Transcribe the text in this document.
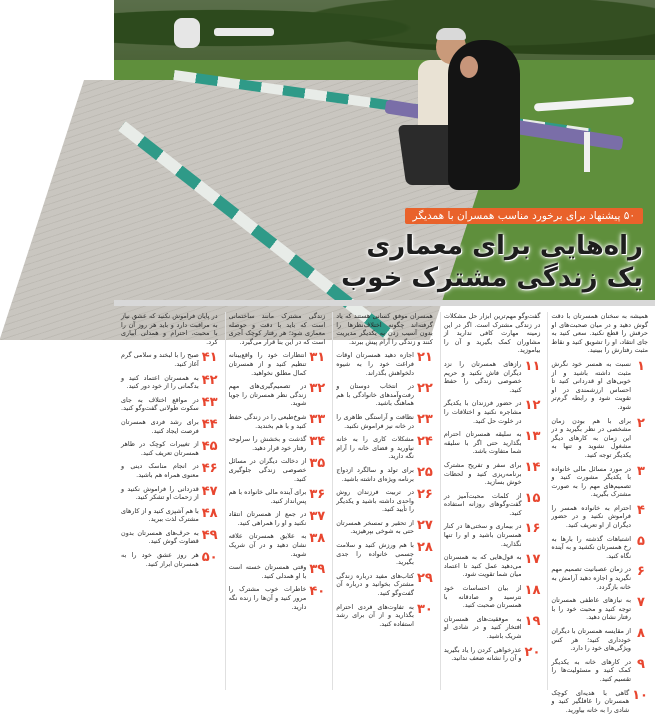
۵۰ پیشنهاد برای برخورد مناسب همسران با همدیگر
راه‌هایی برای معماری
یک زندگی مشترک خوب
همیشه به سخنان همسرتان با دقت گوش دهید و در میان صحبت‌های او حرفش را قطع نکنید. سعی کنید به جای انتقاد، او را تشویق کنید و نقاط مثبت رفتارش را ببینید.
۱
نسبت به همسر خود نگرش مثبت داشته باشید و از خوبی‌های او قدردانی کنید تا احساس ارزشمندی در او تقویت شود و رابطه گرم‌تر شود.
۲
برای با هم بودن زمان مشخصی در نظر بگیرید و در این زمان به کارهای دیگر مشغول نشوید و تنها به یکدیگر توجه کنید.
۳
در مورد مسائل مالی خانواده با یکدیگر مشورت کنید و تصمیم‌های مهم را به صورت مشترک بگیرید.
۴
احترام به خانواده همسر را فراموش نکنید و در حضور دیگران از او تعریف کنید.
۵
اشتباهات گذشته را بارها به رخ همسرتان نکشید و به آینده نگاه کنید.
۶
در زمان عصبانیت تصمیم مهم نگیرید و اجازه دهید آرامش به خانه بازگردد.
۷
به نیازهای عاطفی همسرتان توجه کنید و محبت خود را با رفتار نشان دهید.
۸
از مقایسه همسرتان با دیگران خودداری کنید؛ هر کس ویژگی‌های خود را دارد.
۹
در کارهای خانه به یکدیگر کمک کنید و مسئولیت‌ها را تقسیم کنید.
۱۰
گاهی با هدیه‌ای کوچک همسرتان را غافلگیر کنید و شادی را به خانه بیاورید.
گفت‌وگو مهم‌ترین ابزار حل مشکلات در زندگی مشترک است. اگر در این زمینه مهارت کافی ندارید از مشاوران کمک بگیرید و آن را بیاموزید.
۱۱
رازهای همسرتان را نزد دیگران فاش نکنید و حریم خصوصی زندگی را حفظ کنید.
۱۲
در حضور فرزندان با یکدیگر مشاجره نکنید و اختلافات را در خلوت حل کنید.
۱۳
به سلیقه همسرتان احترام بگذارید حتی اگر با سلیقه شما متفاوت باشد.
۱۴
برای سفر و تفریح مشترک برنامه‌ریزی کنید و لحظات خوش بسازید.
۱۵
از کلمات محبت‌آمیز در گفت‌وگوهای روزانه استفاده کنید.
۱۶
در بیماری و سختی‌ها در کنار همسرتان باشید و او را تنها نگذارید.
۱۷
به قول‌هایی که به همسرتان می‌دهید عمل کنید تا اعتماد میان شما تقویت شود.
۱۸
از بیان احساسات خود نترسید و صادقانه با همسرتان صحبت کنید.
۱۹
به موفقیت‌های همسرتان افتخار کنید و در شادی او شریک باشید.
۲۰
عذرخواهی کردن را یاد بگیرید و آن را نشانه ضعف ندانید.
همسران موفق کسانی هستند که یاد گرفته‌اند چگونه اختلاف‌نظرها را بدون آسیب زدن به یکدیگر مدیریت کنند و زندگی را آرام پیش ببرند.
۲۱
اجازه دهید همسرتان اوقات فراغت خود را به شیوه دلخواهش بگذراند.
۲۲
در انتخاب دوستان و رفت‌وآمدهای خانوادگی با هم هماهنگ باشید.
۲۳
نظافت و آراستگی ظاهری را در خانه نیز فراموش نکنید.
۲۴
مشکلات کاری را به خانه نیاورید و فضای خانه را آرام نگه دارید.
۲۵
برای تولد و سالگرد ازدواج برنامه ویژه‌ای داشته باشید.
۲۶
در تربیت فرزندان روش واحدی داشته باشید و یکدیگر را تأیید کنید.
۲۷
از تحقیر و تمسخر همسرتان حتی به شوخی بپرهیزید.
۲۸
با هم ورزش کنید و سلامت جسمی خانواده را جدی بگیرید.
۲۹
کتاب‌های مفید درباره زندگی مشترک بخوانید و درباره آن گفت‌وگو کنید.
۳۰
به تفاوت‌های فردی احترام بگذارید و از آن برای رشد استفاده کنید.
زندگی مشترک مانند ساختمانی است که باید با دقت و حوصله معماری شود؛ هر رفتار کوچک آجری است که در این بنا قرار می‌گیرد.
۳۱
انتظارات خود را واقع‌بینانه تنظیم کنید و از همسرتان کمال مطلق نخواهید.
۳۲
در تصمیم‌گیری‌های مهم زندگی نظر همسرتان را جویا شوید.
۳۳
شوخ‌طبعی را در زندگی حفظ کنید و با هم بخندید.
۳۴
گذشت و بخشش را سرلوحه رفتار خود قرار دهید.
۳۵
از دخالت دیگران در مسائل خصوصی زندگی جلوگیری کنید.
۳۶
برای آینده مالی خانواده با هم پس‌انداز کنید.
۳۷
در جمع از همسرتان انتقاد نکنید و او را همراهی کنید.
۳۸
به علایق همسرتان علاقه نشان دهید و در آن شریک شوید.
۳۹
وقتی همسرتان خسته است با او همدلی کنید.
۴۰
خاطرات خوب مشترک را مرور کنید و آن‌ها را زنده نگه دارید.
در پایان فراموش نکنید که عشق نیاز به مراقبت دارد و باید هر روز آن را با محبت، احترام و همدلی آبیاری کرد.
۴۱
صبح را با لبخند و سلامی گرم آغاز کنید.
۴۲
به همسرتان اعتماد کنید و بدگمانی را از خود دور کنید.
۴۳
در مواقع اختلاف به جای سکوت طولانی گفت‌وگو کنید.
۴۴
برای رشد فردی همسرتان فرصت ایجاد کنید.
۴۵
از تغییرات کوچک در ظاهر همسرتان تعریف کنید.
۴۶
در انجام مناسک دینی و معنوی همراه هم باشید.
۴۷
قدردانی را فراموش نکنید و از زحمات او تشکر کنید.
۴۸
با هم آشپزی کنید و از کارهای مشترک لذت ببرید.
۴۹
به حرف‌های همسرتان بدون قضاوت گوش کنید.
۵۰
هر روز عشق خود را به همسرتان ابراز کنید.
